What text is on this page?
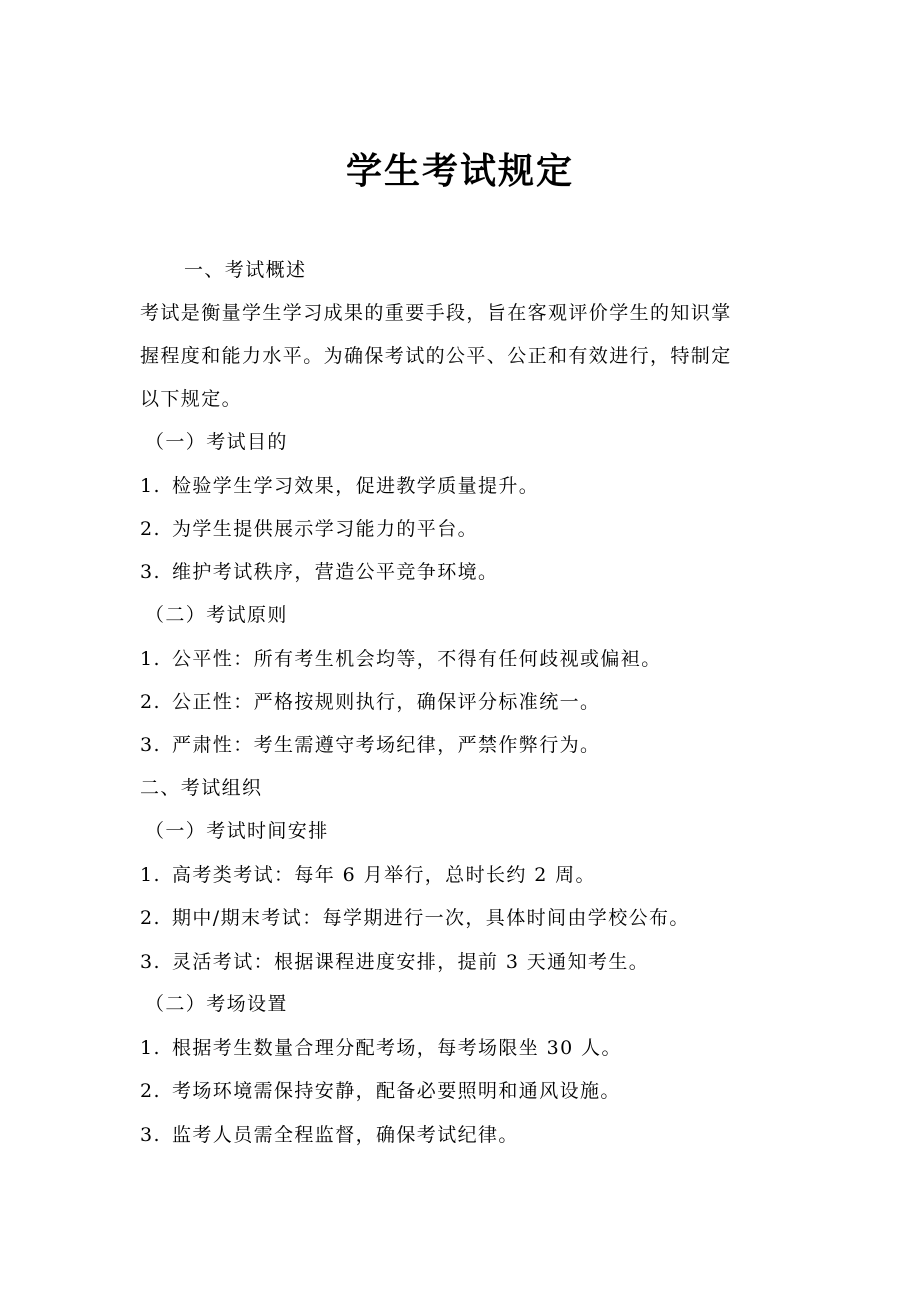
学生考试规定
一、考试概述
考试是衡量学生学习成果的重要手段，旨在客观评价学生的知识掌
握程度和能力水平。为确保考试的公平、公正和有效进行，特制定
以下规定。
（一）考试目的
1. 检验学生学习效果，促进教学质量提升。
2. 为学生提供展示学习能力的平台。
3. 维护考试秩序，营造公平竞争环境。
（二）考试原则
1. 公平性：所有考生机会均等，不得有任何歧视或偏袒。
2. 公正性：严格按规则执行，确保评分标准统一。
3. 严肃性：考生需遵守考场纪律，严禁作弊行为。
二、考试组织
（一）考试时间安排
1. 高考类考试：每年 6 月举行，总时长约 2 周。
2. 期中/期末考试：每学期进行一次，具体时间由学校公布。
3. 灵活考试：根据课程进度安排，提前 3 天通知考生。
（二）考场设置
1. 根据考生数量合理分配考场，每考场限坐 30 人。
2. 考场环境需保持安静，配备必要照明和通风设施。
3. 监考人员需全程监督，确保考试纪律。
